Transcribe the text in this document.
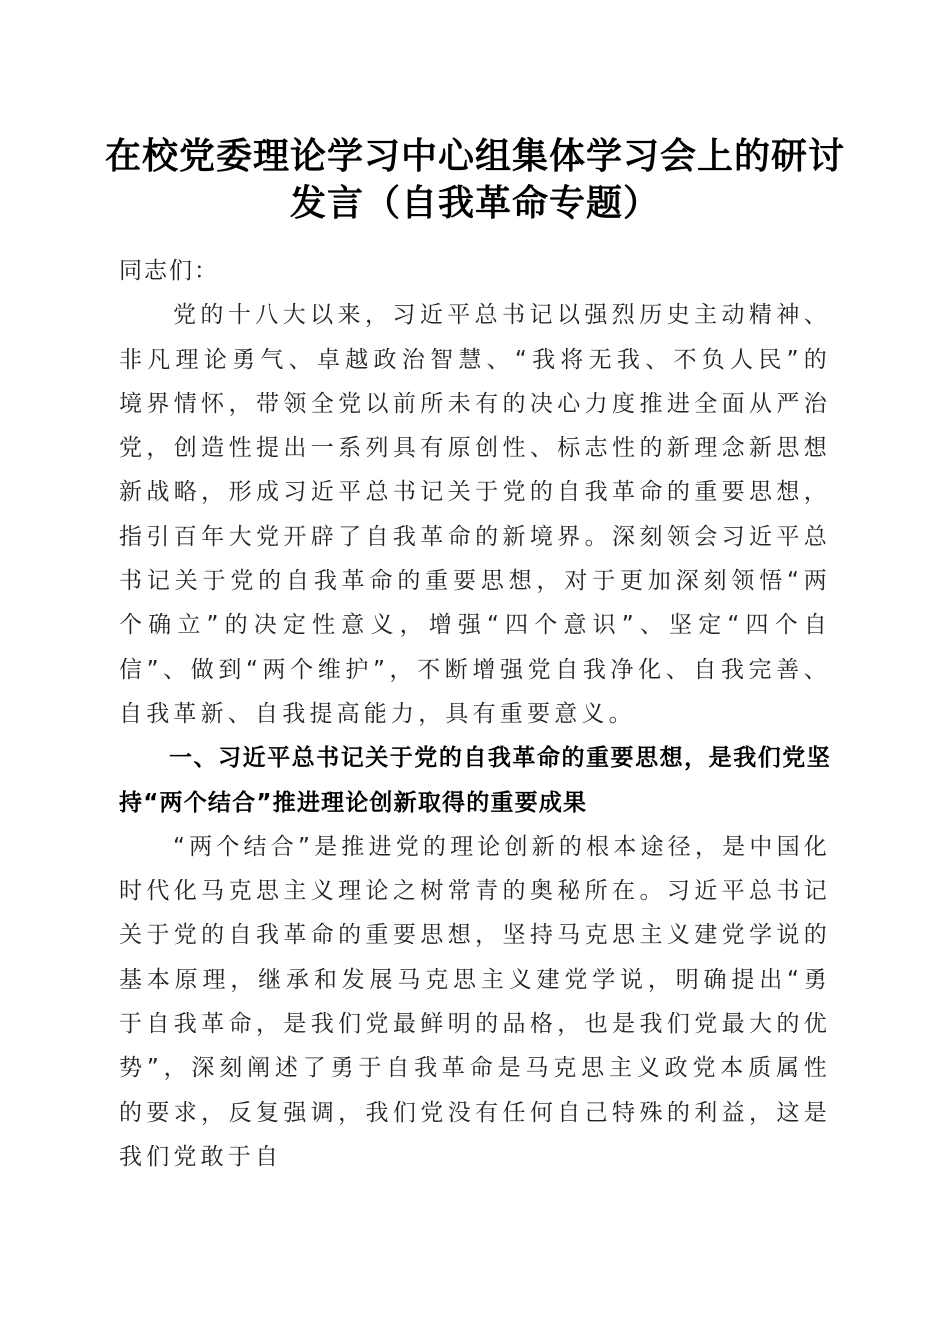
在校党委理论学习中心组集体学习会上的研讨
发言（自我革命专题）

同志们：

党的十八大以来，习近平总书记以强烈历史主动精神、非凡理论勇气、卓越政治智慧、“我将无我、不负人民”的境界情怀，带领全党以前所未有的决心力度推进全面从严治党，创造性提出一系列具有原创性、标志性的新理念新思想新战略，形成习近平总书记关于党的自我革命的重要思想，指引百年大党开辟了自我革命的新境界。深刻领会习近平总书记关于党的自我革命的重要思想，对于更加深刻领悟“两个确立”的决定性意义，增强“四个意识”、坚定“四个自信”、做到“两个维护”，不断增强党自我净化、自我完善、自我革新、自我提高能力，具有重要意义。

一、习近平总书记关于党的自我革命的重要思想，是我们党坚持“两个结合”推进理论创新取得的重要成果

“两个结合”是推进党的理论创新的根本途径，是中国化时代化马克思主义理论之树常青的奥秘所在。习近平总书记关于党的自我革命的重要思想，坚持马克思主义建党学说的基本原理，继承和发展马克思主义建党学说，明确提出“勇于自我革命，是我们党最鲜明的品格，也是我们党最大的优势”，深刻阐述了勇于自我革命是马克思主义政党本质属性的要求，反复强调，我们党没有任何自己特殊的利益，这是我们党敢于自
